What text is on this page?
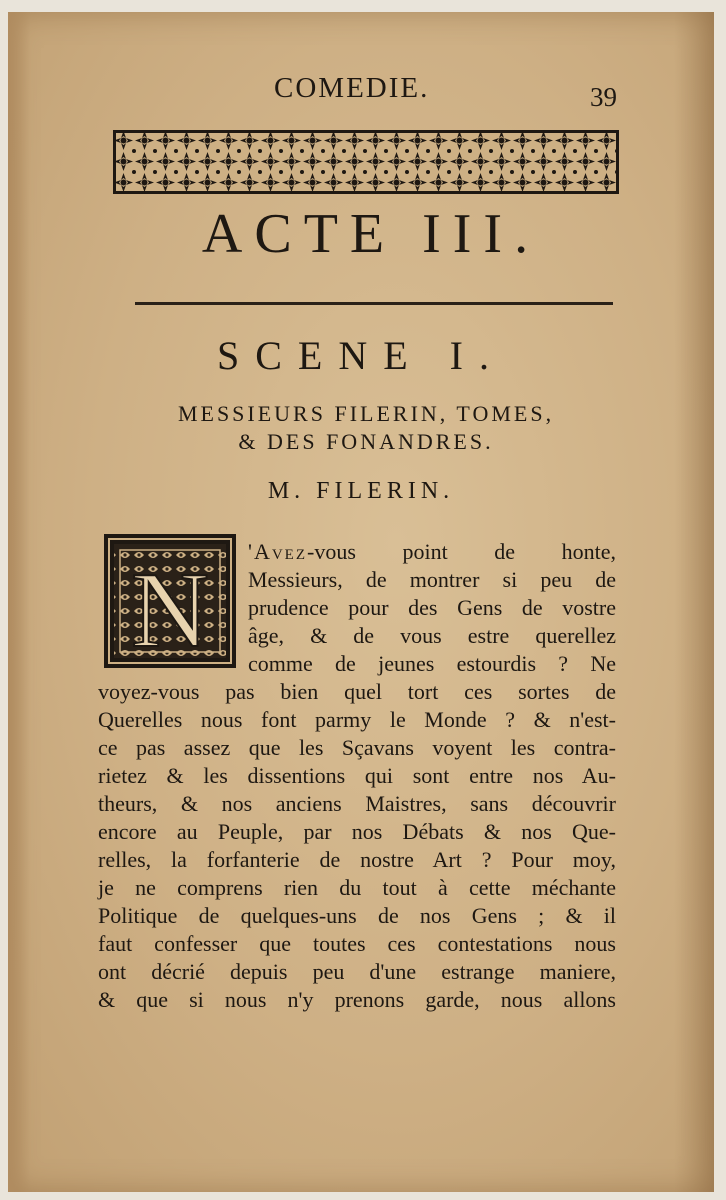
COMEDIE.	39
ACTE III.
SCENE I.
MESSIEURS FILERIN, TOMES,
& DES FONANDRES.
M. FILERIN.
N 'Avez-vous point de honte,
Messieurs, de montrer si peu de
prudence pour des Gens de vostre
âge, & de vous estre querellez
comme de jeunes estourdis ? Ne
voyez-vous pas bien quel tort ces sortes de
Querelles nous font parmy le Monde ? & n'est-
ce pas assez que les Sçavans voyent les contra-
rietez & les dissentions qui sont entre nos Au-
theurs, & nos anciens Maistres, sans découvrir
encore au Peuple, par nos Débats & nos Que-
relles, la forfanterie de nostre Art ? Pour moy,
je ne comprens rien du tout à cette méchante
Politique de quelques-uns de nos Gens ; & il
faut confesser que toutes ces contestations nous
ont décrié depuis peu d'une estrange maniere,
& que si nous n'y prenons garde, nous allons
